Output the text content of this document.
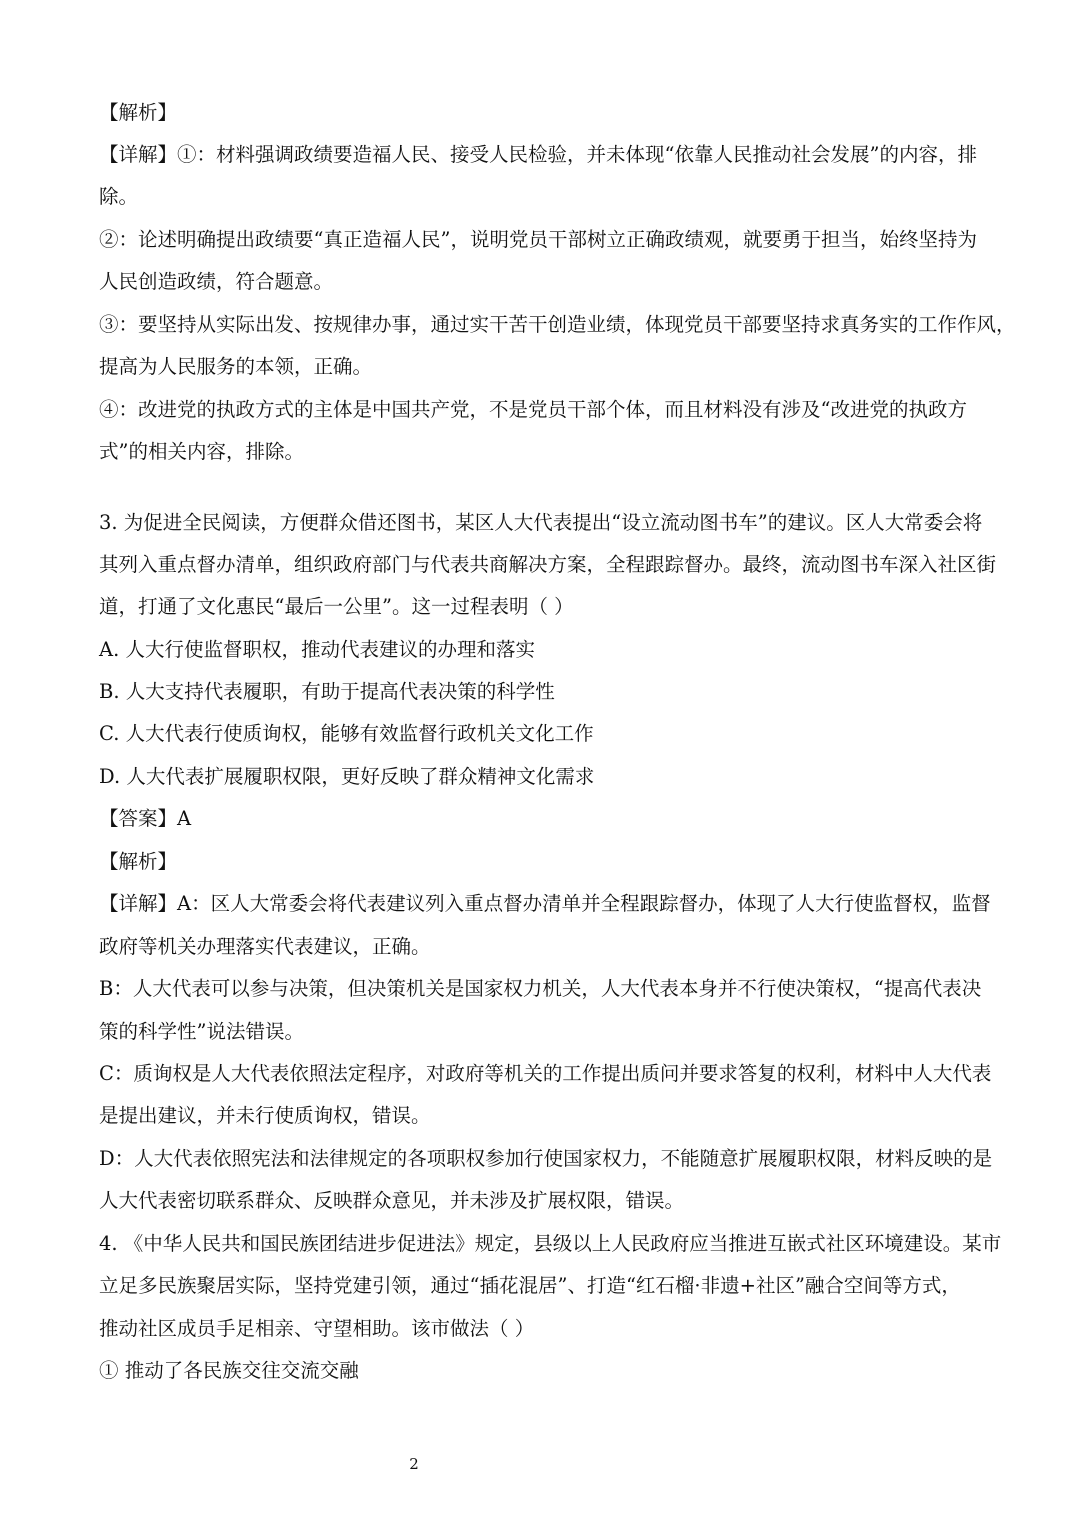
【解析】
【详解】①：材料强调政绩要造福人民、接受人民检验，并未体现“依靠人民推动社会发展”的内容，排
除。
②：论述明确提出政绩要“真正造福人民”，说明党员干部树立正确政绩观，就要勇于担当，始终坚持为
人民创造政绩，符合题意。
③：要坚持从实际出发、按规律办事，通过实干苦干创造业绩，体现党员干部要坚持求真务实的工作作风，
提高为人民服务的本领，正确。
④：改进党的执政方式的主体是中国共产党，不是党员干部个体，而且材料没有涉及“改进党的执政方
式”的相关内容，排除。
3. 为促进全民阅读，方便群众借还图书，某区人大代表提出“设立流动图书车”的建议。区人大常委会将
其列入重点督办清单，组织政府部门与代表共商解决方案，全程跟踪督办。最终，流动图书车深入社区街
道，打通了文化惠民“最后一公里”。这一过程表明（ ）
A. 人大行使监督职权，推动代表建议的办理和落实
B. 人大支持代表履职，有助于提高代表决策的科学性
C. 人大代表行使质询权，能够有效监督行政机关文化工作
D. 人大代表扩展履职权限，更好反映了群众精神文化需求
【答案】A
【解析】
【详解】A：区人大常委会将代表建议列入重点督办清单并全程跟踪督办，体现了人大行使监督权，监督
政府等机关办理落实代表建议，正确。
B：人大代表可以参与决策，但决策机关是国家权力机关，人大代表本身并不行使决策权，“提高代表决
策的科学性”说法错误。
C：质询权是人大代表依照法定程序，对政府等机关的工作提出质问并要求答复的权利，材料中人大代表
是提出建议，并未行使质询权，错误。
D：人大代表依照宪法和法律规定的各项职权参加行使国家权力，不能随意扩展履职权限，材料反映的是
人大代表密切联系群众、反映群众意见，并未涉及扩展权限，错误。
4. 《中华人民共和国民族团结进步促进法》规定，县级以上人民政府应当推进互嵌式社区环境建设。某市
立足多民族聚居实际，坚持党建引领，通过“插花混居”、打造“红石榴·非遗+社区”融合空间等方式，
推动社区成员手足相亲、守望相助。该市做法（ ）
① 推动了各民族交往交流交融
2
